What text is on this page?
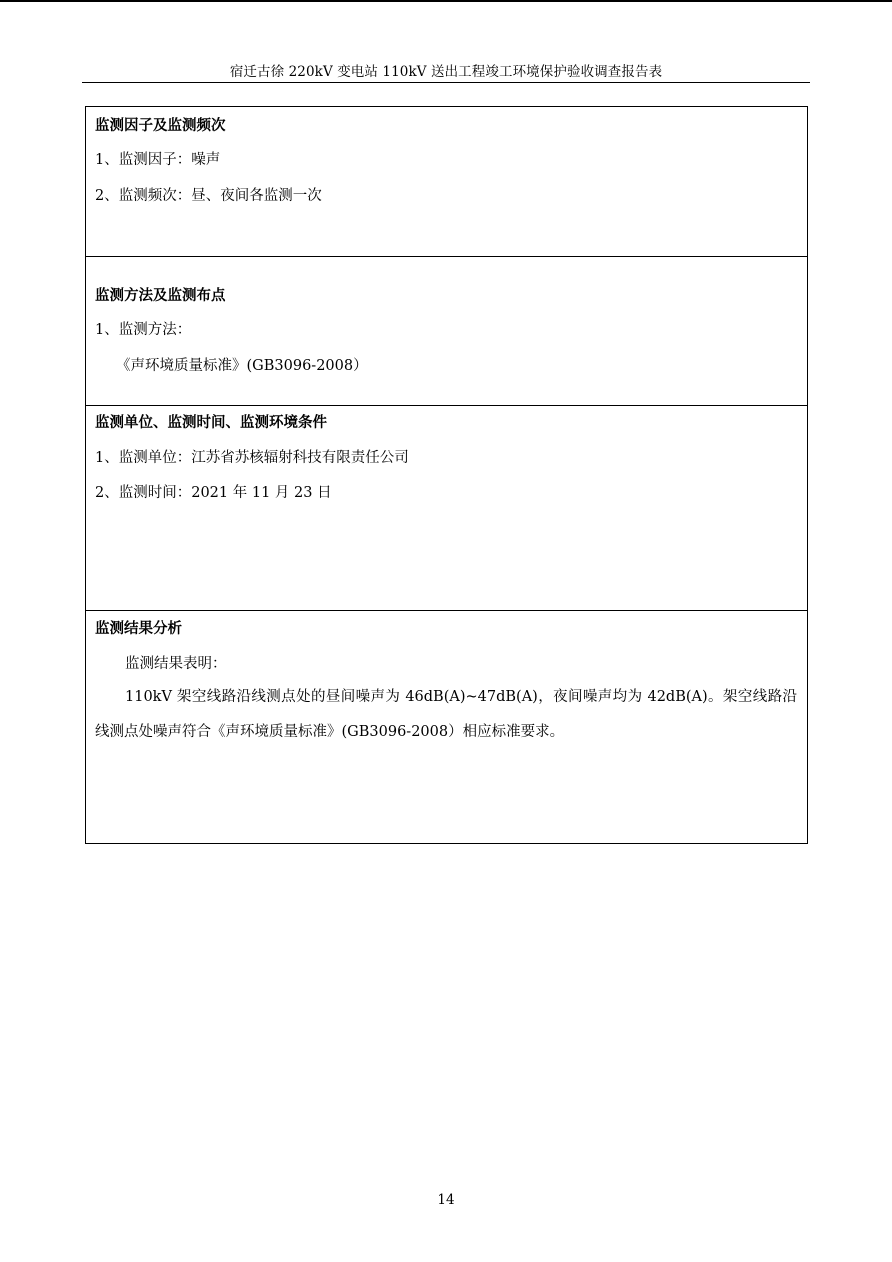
宿迁古徐 220kV 变电站 110kV 送出工程竣工环境保护验收调查报告表

监测因子及监测频次

1、监测因子：噪声

2、监测频次：昼、夜间各监测一次

监测方法及监测布点

1、监测方法：

《声环境质量标准》(GB3096-2008）

监测单位、监测时间、监测环境条件

1、监测单位：江苏省苏核辐射科技有限责任公司

2、监测时间：2021 年 11 月 23 日

监测结果分析

监测结果表明：

110kV 架空线路沿线测点处的昼间噪声为 46dB(A)~47dB(A)，夜间噪声均为 42dB(A)。架空线路沿线测点处噪声符合《声环境质量标准》(GB3096-2008）相应标准要求。

14
